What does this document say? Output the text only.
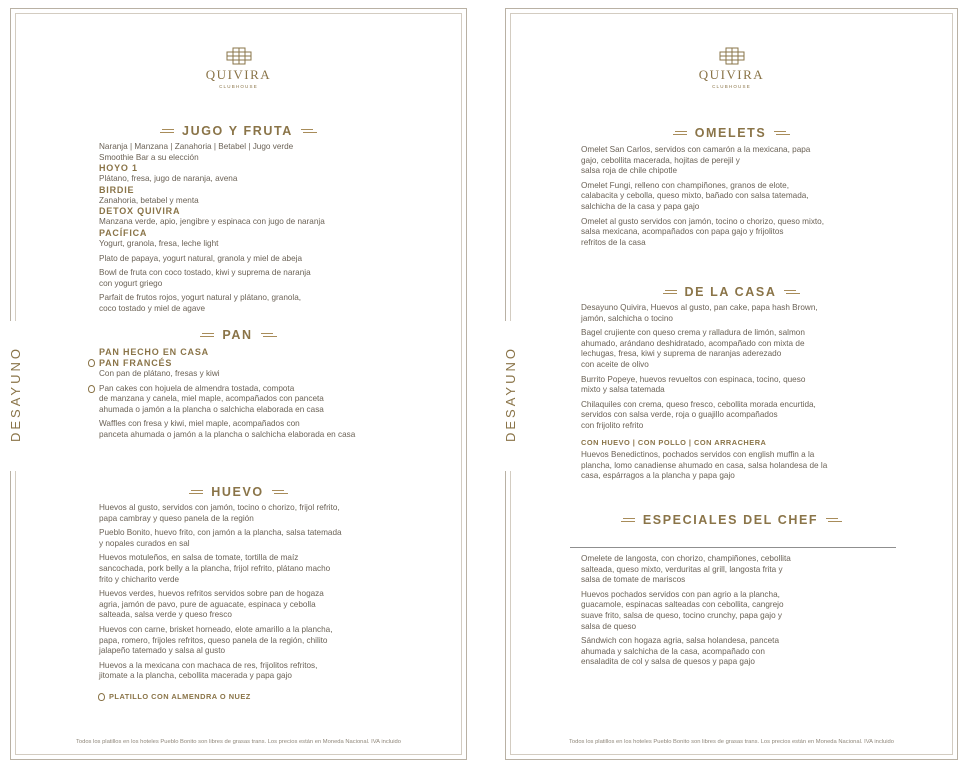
QUIVIRA
CLUBHOUSE
DESAYUNO
JUGO Y FRUTA
Naranja | Manzana | Zanahoria | Betabel | Jugo verde
Smoothie Bar a su elección
HOYO 1
Plátano, fresa, jugo de naranja, avena
BIRDIE
Zanahoria, betabel y menta
DETOX QUIVIRA
Manzana verde, apio, jengibre y espinaca con jugo de naranja
PACÍFICA
Yogurt, granola, fresa, leche light
Plato de papaya, yogurt natural, granola y miel de abeja
Bowl de fruta con coco tostado, kiwi y suprema de naranja
con yogurt griego
Parfait de frutos rojos, yogurt natural y plátano, granola,
coco tostado y miel de agave
PAN
PAN HECHO EN CASA
PAN FRANCÉS
Con pan de plátano, fresas y kiwi
Pan cakes con hojuela de almendra tostada, compota
de manzana y canela, miel maple, acompañados con panceta
ahumada o jamón a la plancha o salchicha elaborada en casa
Waffles con fresa y kiwi, miel maple, acompañados con
panceta ahumada o jamón a la plancha o salchicha elaborada en casa
HUEVO
Huevos al gusto, servidos con jamón, tocino o chorizo, frijol refrito,
papa cambray y queso panela de la región
Pueblo Bonito, huevo frito, con jamón a la plancha, salsa tatemada
y nopales curados en sal
Huevos motuleños, en salsa de tomate, tortilla de maíz
sancochada, pork belly a la plancha, frijol refrito, plátano macho
frito y chicharito verde
Huevos verdes, huevos refritos servidos sobre pan de hogaza
agria, jamón de pavo, pure de aguacate, espinaca y cebolla
salteada, salsa verde y queso fresco
Huevos con carne, brisket horneado, elote amarillo a la plancha,
papa, romero, frijoles refritos, queso panela de la región, chilito
jalapeño tatemado y salsa al gusto
Huevos a la mexicana con machaca de res, frijolitos refritos,
jitomate a la plancha, cebollita macerada y papa gajo
PLATILLO CON ALMENDRA O NUEZ
Todos los platillos en los hoteles Pueblo Bonito son libres de grasas trans. Los precios están en Moneda Nacional. IVA incluido
QUIVIRA
CLUBHOUSE
DESAYUNO
OMELETS
Omelet San Carlos, servidos con camarón a la mexicana, papa
gajo, cebollita macerada, hojitas de perejil y
salsa roja de chile chipotle
Omelet Fungi, relleno con champiñones, granos de elote,
calabacita y cebolla, queso mixto, bañado con salsa tatemada,
salchicha de la casa y papa gajo
Omelet al gusto servidos con jamón, tocino o chorizo, queso mixto,
salsa mexicana, acompañados con papa gajo y frijolitos
refritos de la casa
DE LA CASA
Desayuno Quivira, Huevos al gusto, pan cake, papa hash Brown,
jamón, salchicha o tocino
Bagel crujiente con queso crema y ralladura de limón, salmon
ahumado, arándano deshidratado, acompañado con mixta de
lechugas, fresa, kiwi y suprema de naranjas aderezado
con aceite de olivo
Burrito Popeye, huevos revueltos con espinaca, tocino, queso
mixto y salsa tatemada
Chilaquiles con crema, queso fresco, cebollita morada encurtida,
servidos con salsa verde, roja o guajillo acompañados
con frijolito refrito
CON HUEVO | CON POLLO | CON ARRACHERA
Huevos Benedictinos, pochados servidos con english muffin a la
plancha, lomo canadiense ahumado en casa, salsa holandesa de la
casa, espárragos a la plancha y papa gajo
ESPECIALES DEL CHEF
Omelete de langosta, con chorizo, champiñones, cebollita
salteada, queso mixto, verduritas al grill, langosta frita y
salsa de tomate de mariscos
Huevos pochados servidos con pan agrio a la plancha,
guacamole, espinacas salteadas con cebollita, cangrejo
suave frito, salsa de queso, tocino crunchy, papa gajo y
salsa de queso
Sándwich con hogaza agria, salsa holandesa, panceta
ahumada y salchicha de la casa, acompañado con
ensaladita de col y salsa de quesos y papa gajo
Todos los platillos en los hoteles Pueblo Bonito son libres de grasas trans. Los precios están en Moneda Nacional. IVA incluido
